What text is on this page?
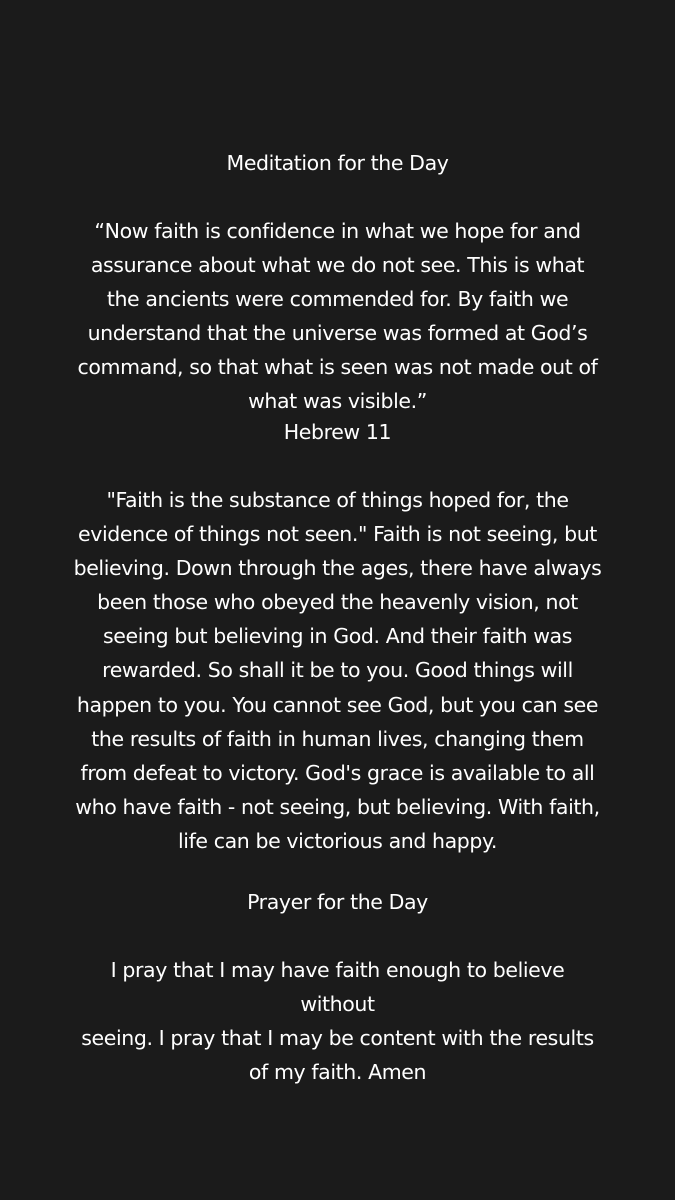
Meditation for the Day
“Now faith is confidence in what we hope for and
assurance about what we do not see. This is what
the ancients were commended for. By faith we
understand that the universe was formed at God’s
command, so that what is seen was not made out of
what was visible.”
Hebrew 11
"Faith is the substance of things hoped for, the
evidence of things not seen." Faith is not seeing, but
believing. Down through the ages, there have always
been those who obeyed the heavenly vision, not
seeing but believing in God. And their faith was
rewarded. So shall it be to you. Good things will
happen to you. You cannot see God, but you can see
the results of faith in human lives, changing them
from defeat to victory. God's grace is available to all
who have faith - not seeing, but believing. With faith,
life can be victorious and happy.
Prayer for the Day
I pray that I may have faith enough to believe without
seeing. I pray that I may be content with the results
of my faith. Amen
